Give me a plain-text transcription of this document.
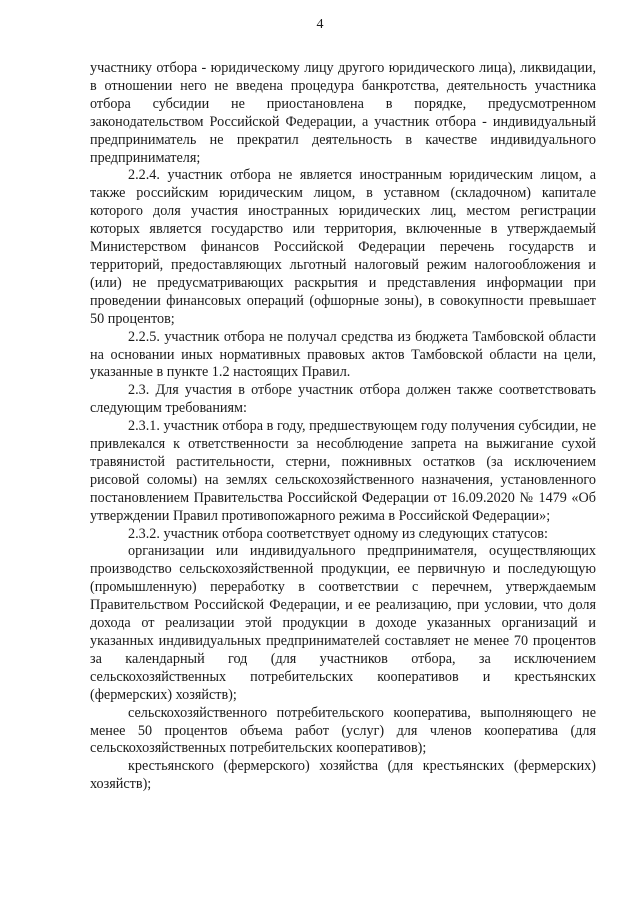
4

участнику отбора - юридическому лицу другого юридического лица), ликвидации, в отношении него не введена процедура банкротства, деятельность участника отбора субсидии не приостановлена в порядке, предусмотренном законодательством Российской Федерации, а участник отбора - индивидуальный предприниматель не прекратил деятельность в качестве индивидуального предпринимателя;

2.2.4. участник отбора не является иностранным юридическим лицом, а также российским юридическим лицом, в уставном (складочном) капитале которого доля участия иностранных юридических лиц, местом регистрации которых является государство или территория, включенные в утверждаемый Министерством финансов Российской Федерации перечень государств и территорий, предоставляющих льготный налоговый режим налогообложения и (или) не предусматривающих раскрытия и представления информации при проведении финансовых операций (офшорные зоны), в совокупности превышает 50 процентов;

2.2.5. участник отбора не получал средства из бюджета Тамбовской области на основании иных нормативных правовых актов Тамбовской области на цели, указанные в пункте 1.2 настоящих Правил.

2.3. Для участия в отборе участник отбора должен также соответствовать следующим требованиям:

2.3.1. участник отбора в году, предшествующем году получения субсидии, не привлекался к ответственности за несоблюдение запрета на выжигание сухой травянистой растительности, стерни, пожнивных остатков (за исключением рисовой соломы) на землях сельскохозяйственного назначения, установленного постановлением Правительства Российской Федерации от 16.09.2020 № 1479 «Об утверждении Правил противопожарного режима в Российской Федерации»;

2.3.2. участник отбора соответствует одному из следующих статусов:

организации или индивидуального предпринимателя, осуществляющих производство сельскохозяйственной продукции, ее первичную и последующую (промышленную) переработку в соответствии с перечнем, утверждаемым Правительством Российской Федерации, и ее реализацию, при условии, что доля дохода от реализации этой продукции в доходе указанных организаций и указанных индивидуальных предпринимателей составляет не менее 70 процентов за календарный год (для участников отбора, за исключением сельскохозяйственных потребительских кооперативов и крестьянских (фермерских) хозяйств);

сельскохозяйственного потребительского кооператива, выполняющего не менее 50 процентов объема работ (услуг) для членов кооператива (для сельскохозяйственных потребительских кооперативов);

крестьянского (фермерского) хозяйства (для крестьянских (фермерских) хозяйств);
